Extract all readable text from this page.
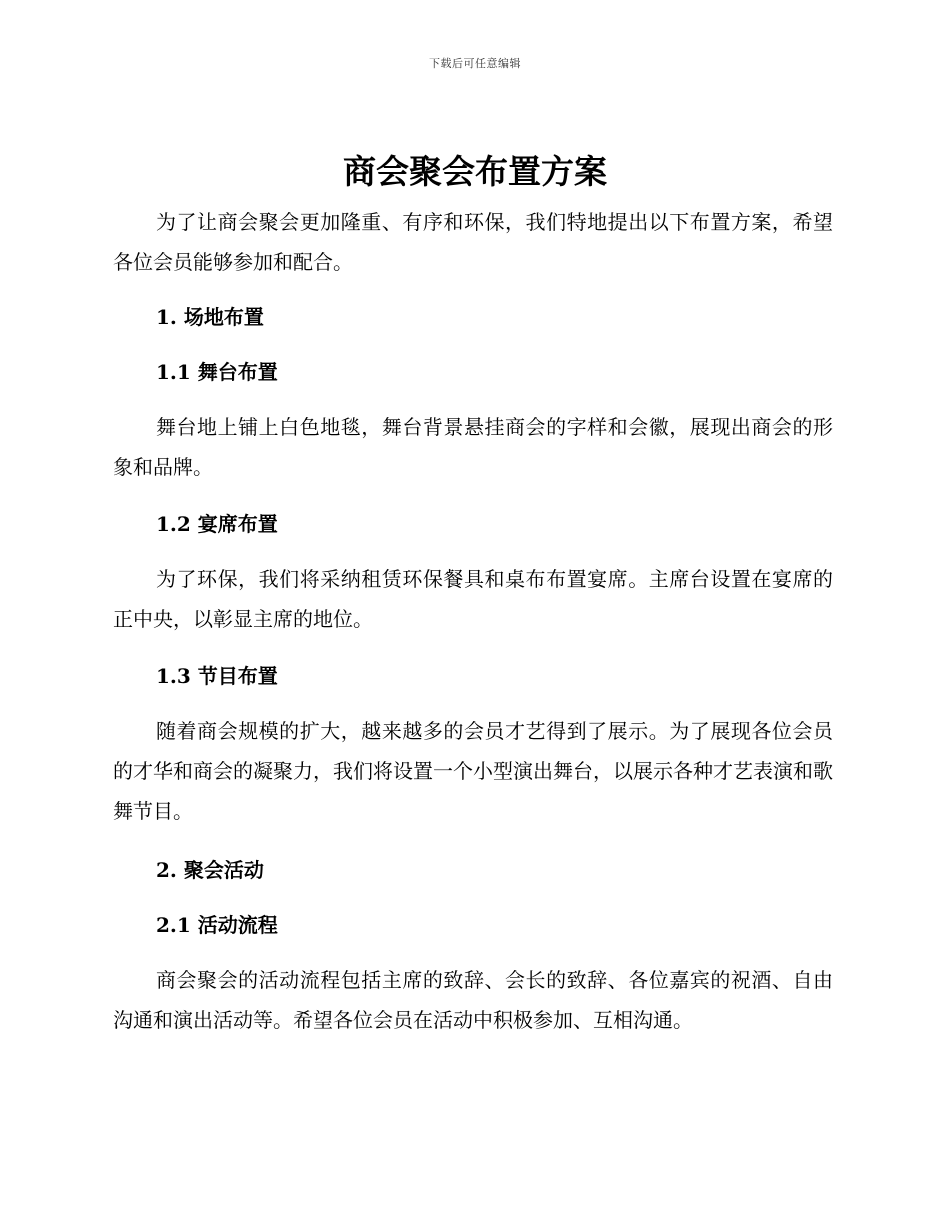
下载后可任意编辑
商会聚会布置方案

为了让商会聚会更加隆重、有序和环保，我们特地提出以下布置方案，希望各位会员能够参加和配合。

1. 场地布置
1.1 舞台布置

舞台地上铺上白色地毯，舞台背景悬挂商会的字样和会徽，展现出商会的形象和品牌。

1.2 宴席布置

为了环保，我们将采纳租赁环保餐具和桌布布置宴席。主席台设置在宴席的正中央，以彰显主席的地位。

1.3 节目布置

随着商会规模的扩大，越来越多的会员才艺得到了展示。为了展现各位会员的才华和商会的凝聚力，我们将设置一个小型演出舞台，以展示各种才艺表演和歌舞节目。

2. 聚会活动
2.1 活动流程

商会聚会的活动流程包括主席的致辞、会长的致辞、各位嘉宾的祝酒、自由沟通和演出活动等。希望各位会员在活动中积极参加、互相沟通。
